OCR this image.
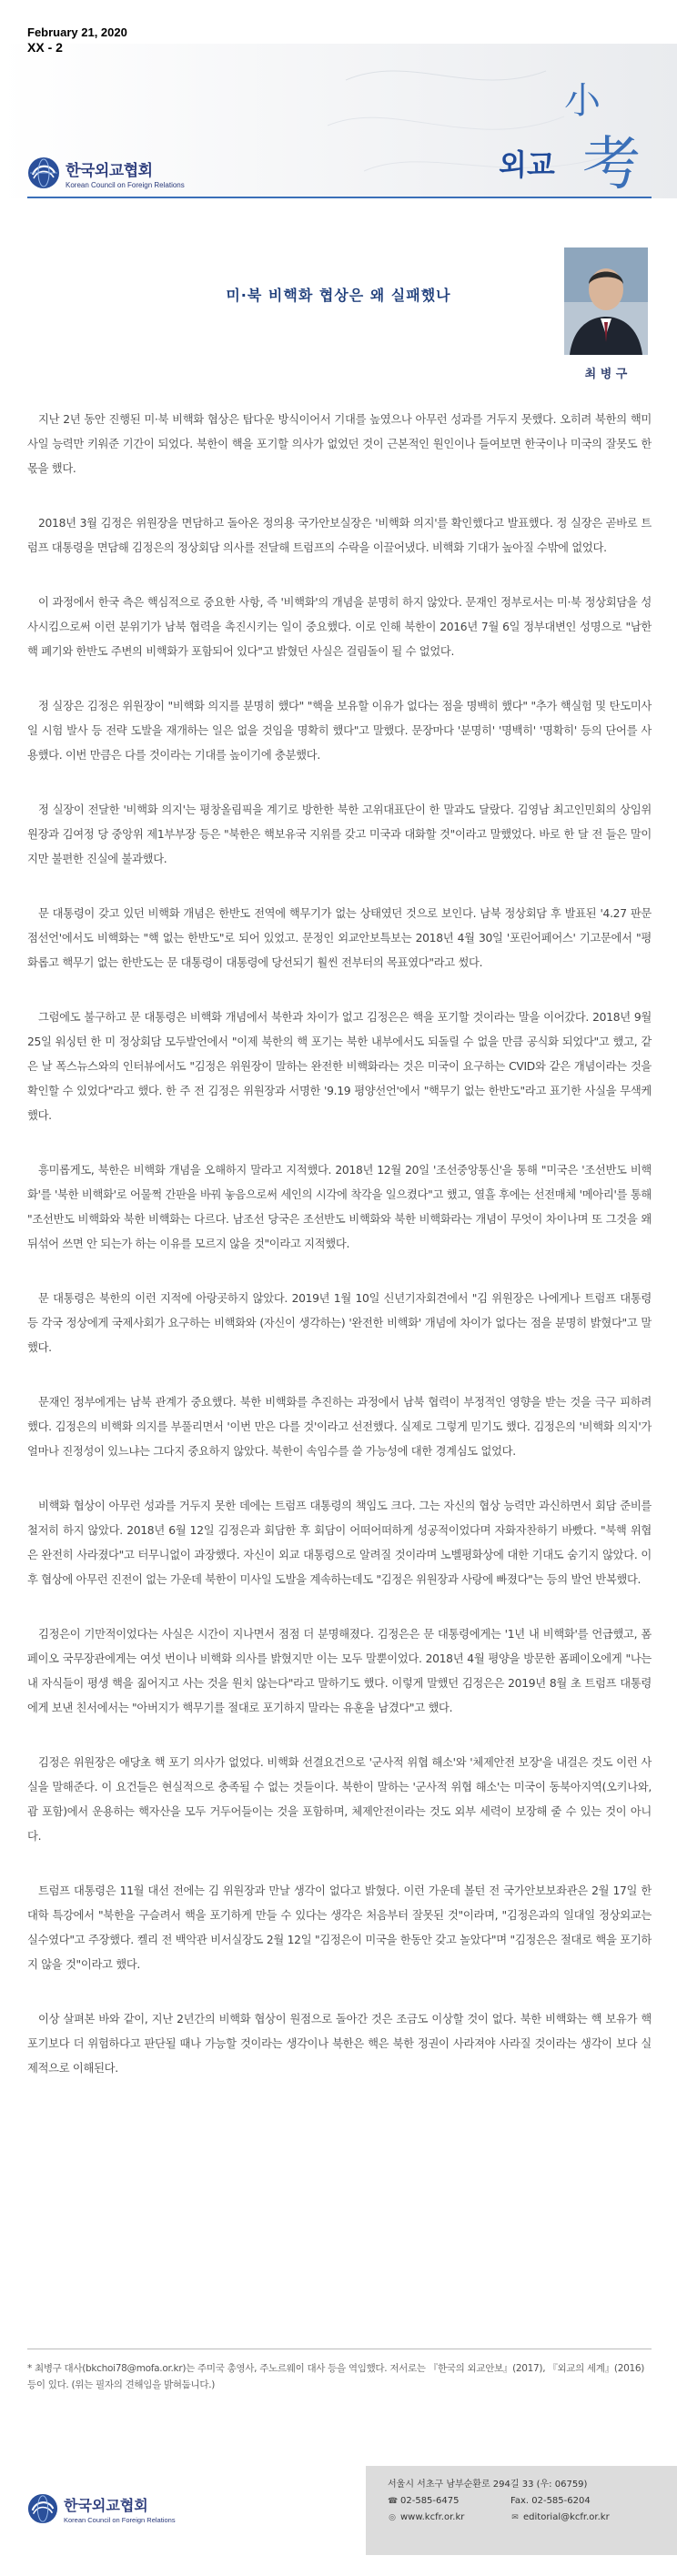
February 21, 2020
XX - 2
한국외교협회
Korean Council on Foreign Relations
외교
小
考
미·북 비핵화 협상은 왜 실패했나
최 병 구

지난 2년 동안 진행된 미·북 비핵화 협상은 탑다운 방식이어서 기대를 높였으나 아무런 성과를 거두지 못했다. 오히려 북한의 핵미사일 능력만 키워준 기간이 되었다. 북한이 핵을 포기할 의사가 없었던 것이 근본적인 원인이나 들여보면 한국이나 미국의 잘못도 한 몫을 했다.

2018년 3월 김정은 위원장을 면담하고 돌아온 정의용 국가안보실장은 '비핵화 의지'를 확인했다고 발표했다. 정 실장은 곧바로 트럼프 대통령을 면담해 김정은의 정상회담 의사를 전달해 트럼프의 수락을 이끌어냈다. 비핵화 기대가 높아질 수밖에 없었다.

이 과정에서 한국 측은 핵심적으로 중요한 사항, 즉 '비핵화'의 개념을 분명히 하지 않았다. 문재인 정부로서는 미·북 정상회담을 성사시킴으로써 이런 분위기가 남북 협력을 촉진시키는 일이 중요했다. 이로 인해 북한이 2016년 7월 6일 정부대변인 성명으로 "남한 핵 폐기와 한반도 주변의 비핵화가 포함되어 있다"고 밝혔던 사실은 걸림돌이 될 수 없었다.

정 실장은 김정은 위원장이 "비핵화 의지를 분명히 했다" "핵을 보유할 이유가 없다는 점을 명백히 했다" "추가 핵실험 및 탄도미사일 시험 발사 등 전략 도발을 재개하는 일은 없을 것임을 명확히 했다"고 말했다. 문장마다 '분명히' '명백히' '명확히' 등의 단어를 사용했다. 이번 만큼은 다를 것이라는 기대를 높이기에 충분했다.

정 실장이 전달한 '비핵화 의지'는 평창올림픽을 계기로 방한한 북한 고위대표단이 한 말과도 달랐다. 김영남 최고인민회의 상임위원장과 김여정 당 중앙위 제1부부장 등은 "북한은 핵보유국 지위를 갖고 미국과 대화할 것"이라고 말했었다. 바로 한 달 전 들은 말이지만 불편한 진실에 불과했다.

문 대통령이 갖고 있던 비핵화 개념은 한반도 전역에 핵무기가 없는 상태였던 것으로 보인다. 남북 정상회담 후 발표된 '4.27 판문점선언'에서도 비핵화는 "핵 없는 한반도"로 되어 있었고. 문정인 외교안보특보는 2018년 4월 30일 '포린어페어스' 기고문에서 "평화롭고 핵무기 없는 한반도는 문 대통령이 대통령에 당선되기 훨씬 전부터의 목표였다"라고 썼다.

그럼에도 불구하고 문 대통령은 비핵화 개념에서 북한과 차이가 없고 김정은은 핵을 포기할 것이라는 말을 이어갔다. 2018년 9월 25일 워싱턴 한 미 정상회담 모두발언에서 "이제 북한의 핵 포기는 북한 내부에서도 되돌릴 수 없을 만큼 공식화 되었다"고 했고, 같은 날 폭스뉴스와의 인터뷰에서도 "김정은 위원장이 말하는 완전한 비핵화라는 것은 미국이 요구하는 CVID와 같은 개념이라는 것을 확인할 수 있었다"라고 했다. 한 주 전 김정은 위원장과 서명한 '9.19 평양선언'에서 "핵무기 없는 한반도"라고 표기한 사실을 무색케 했다.

흥미롭게도, 북한은 비핵화 개념을 오해하지 말라고 지적했다. 2018년 12월 20일 '조선중앙통신'을 통해 "미국은 '조선반도 비핵화'를 '북한 비핵화'로 어물쩍 간판을 바꿔 놓음으로써 세인의 시각에 착각을 일으켰다"고 했고, 열흘 후에는 선전매체 '메아리'를 통해 "조선반도 비핵화와 북한 비핵화는 다르다. 남조선 당국은 조선반도 비핵화와 북한 비핵화라는 개념이 무엇이 차이나며 또 그것을 왜 뒤섞어 쓰면 안 되는가 하는 이유를 모르지 않을 것"이라고 지적했다.

문 대통령은 북한의 이런 지적에 아랑곳하지 않았다. 2019년 1월 10일 신년기자회견에서 "김 위원장은 나에게나 트럼프 대통령 등 각국 정상에게 국제사회가 요구하는 비핵화와 (자신이 생각하는) '완전한 비핵화' 개념에 차이가 없다는 점을 분명히 밝혔다"고 말했다.

문재인 정부에게는 남북 관계가 중요했다. 북한 비핵화를 추진하는 과정에서 남북 협력이 부정적인 영향을 받는 것을 극구 피하려했다. 김정은의 비핵화 의지를 부풀리면서 '이번 만은 다를 것'이라고 선전했다. 실제로 그렇게 믿기도 했다. 김정은의 '비핵화 의지'가 얼마나 진정성이 있느냐는 그다지 중요하지 않았다. 북한이 속임수를 쓸 가능성에 대한 경계심도 없었다.

비핵화 협상이 아무런 성과를 거두지 못한 데에는 트럼프 대통령의 책임도 크다. 그는 자신의 협상 능력만 과신하면서 회담 준비를 철저히 하지 않았다. 2018년 6월 12일 김정은과 회담한 후 회담이 어떠어떠하게 성공적이었다며 자화자찬하기 바빴다. "북핵 위협은 완전히 사라졌다"고 터무니없이 과장했다. 자신이 외교 대통령으로 알려질 것이라며 노벨평화상에 대한 기대도 숨기지 않았다. 이후 협상에 아무런 진전이 없는 가운데 북한이 미사일 도발을 계속하는데도 "김정은 위원장과 사랑에 빠졌다"는 등의 발언 반복했다.

김정은이 기만적이었다는 사실은 시간이 지나면서 점점 더 분명해졌다. 김정은은 문 대통령에게는 '1년 내 비핵화'를 언급했고, 폼페이오 국무장관에게는 여섯 번이나 비핵화 의사를 밝혔지만 이는 모두 말뿐이었다. 2018년 4월 평양을 방문한 폼페이오에게 "나는 내 자식들이 평생 핵을 짊어지고 사는 것을 원치 않는다"라고 말하기도 했다. 이렇게 말했던 김정은은 2019년 8월 초 트럼프 대통령에게 보낸 친서에서는 "아버지가 핵무기를 절대로 포기하지 말라는 유훈을 남겼다"고 했다.

김정은 위원장은 애당초 핵 포기 의사가 없었다. 비핵화 선결요건으로 '군사적 위협 해소'와 '체제안전 보장'을 내걸은 것도 이런 사실을 말해준다. 이 요건들은 현실적으로 충족될 수 없는 것들이다. 북한이 말하는 '군사적 위협 해소'는 미국이 동북아지역(오키나와, 괌 포함)에서 운용하는 핵자산을 모두 거두어들이는 것을 포함하며, 체제안전이라는 것도 외부 세력이 보장해 줄 수 있는 것이 아니다.

트럼프 대통령은 11월 대선 전에는 김 위원장과 만날 생각이 없다고 밝혔다. 이런 가운데 볼턴 전 국가안보보좌관은 2월 17일 한 대학 특강에서 "북한을 구슬려서 핵을 포기하게 만들 수 있다는 생각은 처음부터 잘못된 것"이라며, "김정은과의 일대일 정상외교는 실수였다"고 주장했다. 켈리 전 백악관 비서실장도 2월 12일 "김정은이 미국을 한동안 갖고 놀았다"며 "김정은은 절대로 핵을 포기하지 않을 것"이라고 했다.

이상 살펴본 바와 같이, 지난 2년간의 비핵화 협상이 원점으로 돌아간 것은 조금도 이상할 것이 없다. 북한 비핵화는 핵 보유가 핵 포기보다 더 위험하다고 판단될 때나 가능할 것이라는 생각이나 북한은 핵은 북한 정권이 사라져야 사라질 것이라는 생각이 보다 실제적으로 이해된다.

* 최병구 대사(bkchoi78@mofa.or.kr)는 주미국 총영사, 주노르웨이 대사 등을 역임했다. 저서로는 『한국의 외교안보』(2017), 『외교의 세계』(2016) 등이 있다. (위는 필자의 견해임을 밝혀둡니다.)
한국외교협회
Korean Council on Foreign Relations
서울시 서초구 남부순환로 294길 33 (우: 06759)
☎ 02-585-6475	Fax. 02-585-6204
◎ www.kcfr.or.kr	✉ editorial@kcfr.or.kr
